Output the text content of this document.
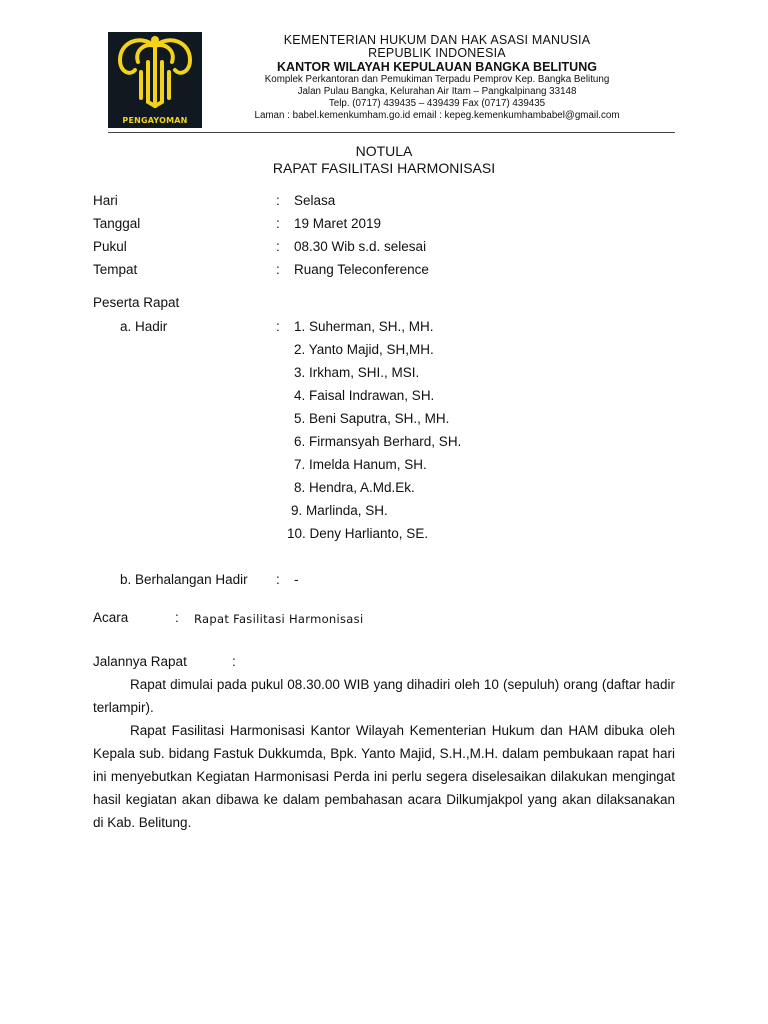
PENGAYOMAN
KEMENTERIAN HUKUM DAN HAK ASASI MANUSIA
REPUBLIK INDONESIA
KANTOR WILAYAH KEPULAUAN BANGKA BELITUNG
Komplek Perkantoran dan Pemukiman Terpadu Pemprov Kep. Bangka Belitung
Jalan Pulau Bangka, Kelurahan Air Itam – Pangkalpinang 33148
Telp. (0717) 439435 – 439439 Fax (0717) 439435
Laman : babel.kemenkumham.go.id email : kepeg.kemenkumhambabel@gmail.com
NOTULA
RAPAT FASILITASI HARMONISASI
Hari	: Selasa
Tanggal	: 19 Maret 2019
Pukul	: 08.30 Wib s.d. selesai
Tempat	: Ruang Teleconference
Peserta Rapat
a. Hadir	: 1. Suherman, SH., MH.
2. Yanto Majid, SH,MH.
3. Irkham, SHI., MSI.
4. Faisal Indrawan, SH.
5. Beni Saputra, SH., MH.
6. Firmansyah Berhard, SH.
7. Imelda Hanum, SH.
8. Hendra, A.Md.Ek.
9. Marlinda, SH.
10. Deny Harlianto, SE.
b. Berhalangan Hadir : -
Acara	: Rapat Fasilitasi Harmonisasi
Jalannya Rapat	:

Rapat dimulai pada pukul 08.30.00 WIB yang dihadiri oleh 10 (sepuluh) orang (daftar hadir terlampir).

Rapat Fasilitasi Harmonisasi Kantor Wilayah Kementerian Hukum dan HAM dibuka oleh Kepala sub. bidang Fastuk Dukkumda, Bpk. Yanto Majid, S.H.,M.H. dalam pembukaan rapat hari ini menyebutkan Kegiatan Harmonisasi Perda ini perlu segera diselesaikan dilakukan mengingat hasil kegiatan akan dibawa ke dalam pembahasan acara Dilkumjakpol yang akan dilaksanakan di Kab. Belitung.
